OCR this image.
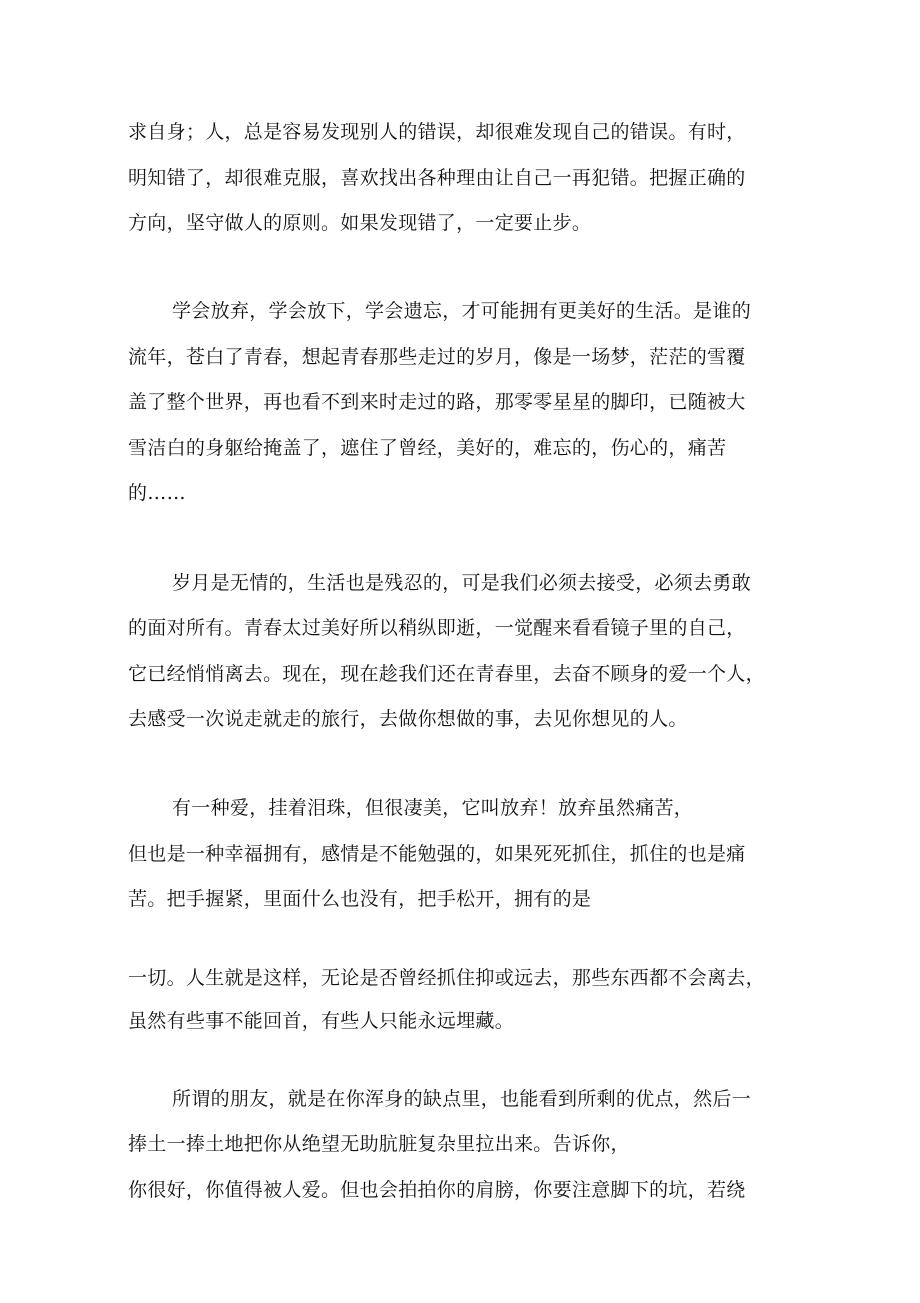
求自身；人，总是容易发现别人的错误，却很难发现自己的错误。有时，
明知错了，却很难克服，喜欢找出各种理由让自己一再犯错。把握正确的
方向，坚守做人的原则。如果发现错了，一定要止步。
学会放弃，学会放下，学会遗忘，才可能拥有更美好的生活。是谁的
流年，苍白了青春，想起青春那些走过的岁月，像是一场梦，茫茫的雪覆
盖了整个世界，再也看不到来时走过的路，那零零星星的脚印，已随被大
雪洁白的身躯给掩盖了，遮住了曾经，美好的，难忘的，伤心的，痛苦
的……
岁月是无情的，生活也是残忍的，可是我们必须去接受，必须去勇敢
的面对所有。青春太过美好所以稍纵即逝，一觉醒来看看镜子里的自己，
它已经悄悄离去。现在，现在趁我们还在青春里，去奋不顾身的爱一个人，
去感受一次说走就走的旅行，去做你想做的事，去见你想见的人。
有一种爱，挂着泪珠，但很凄美，它叫放弃！放弃虽然痛苦，
但也是一种幸福拥有，感情是不能勉强的，如果死死抓住，抓住的也是痛
苦。把手握紧，里面什么也没有，把手松开，拥有的是
一切。人生就是这样，无论是否曾经抓住抑或远去，那些东西都不会离去，
虽然有些事不能回首，有些人只能永远埋藏。
所谓的朋友，就是在你浑身的缺点里，也能看到所剩的优点，然后一
捧土一捧土地把你从绝望无助肮脏复杂里拉出来。告诉你，
你很好，你值得被人爱。但也会拍拍你的肩膀，你要注意脚下的坑，若绕
